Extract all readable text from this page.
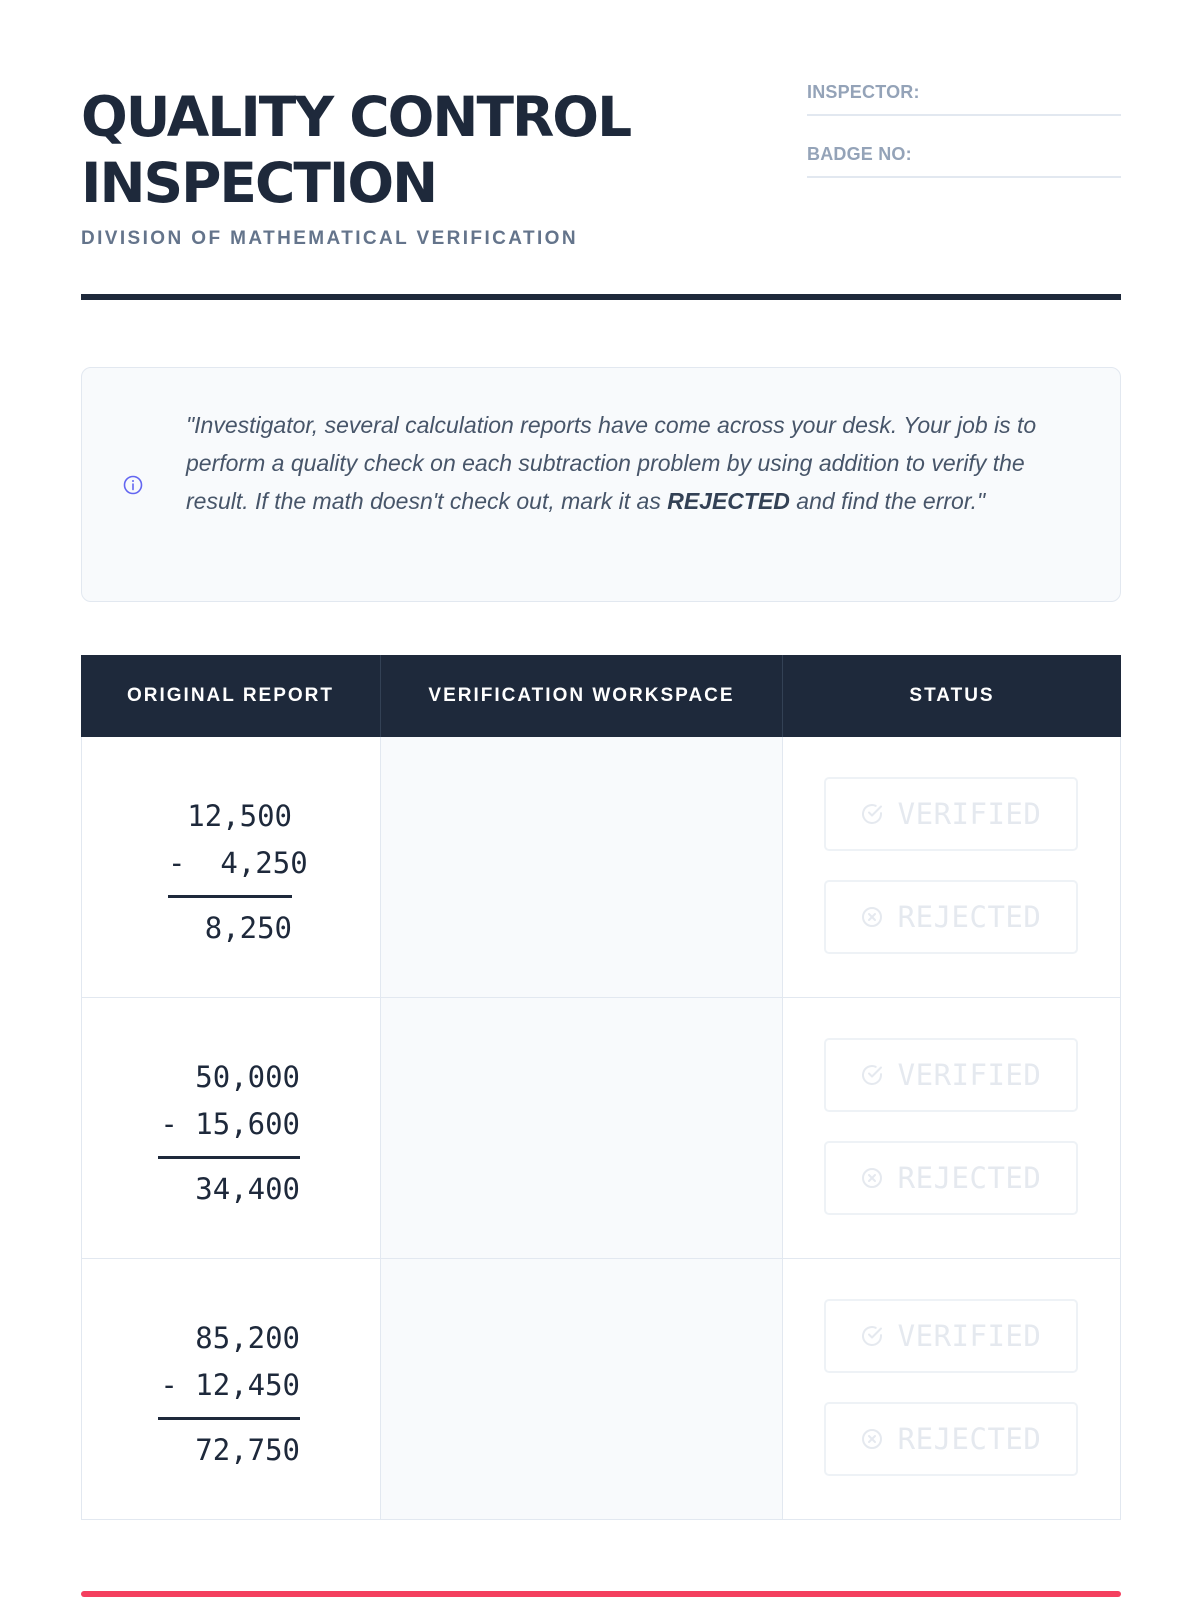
QUALITY CONTROL
INSPECTION
DIVISION OF MATHEMATICAL VERIFICATION
INSPECTOR:
BADGE NO:

"Investigator, several calculation reports have come across your desk. Your job is to perform a quality check on each subtraction problem by using addition to verify the result. If the math doesn't check out, mark it as REJECTED and find the error."

ORIGINAL REPORT	VERIFICATION WORKSPACE	STATUS
12,500
-  4,250
8,250
VERIFIED
REJECTED
50,000
- 15,600
34,400
VERIFIED
REJECTED
85,200
- 12,450
72,750
VERIFIED
REJECTED
